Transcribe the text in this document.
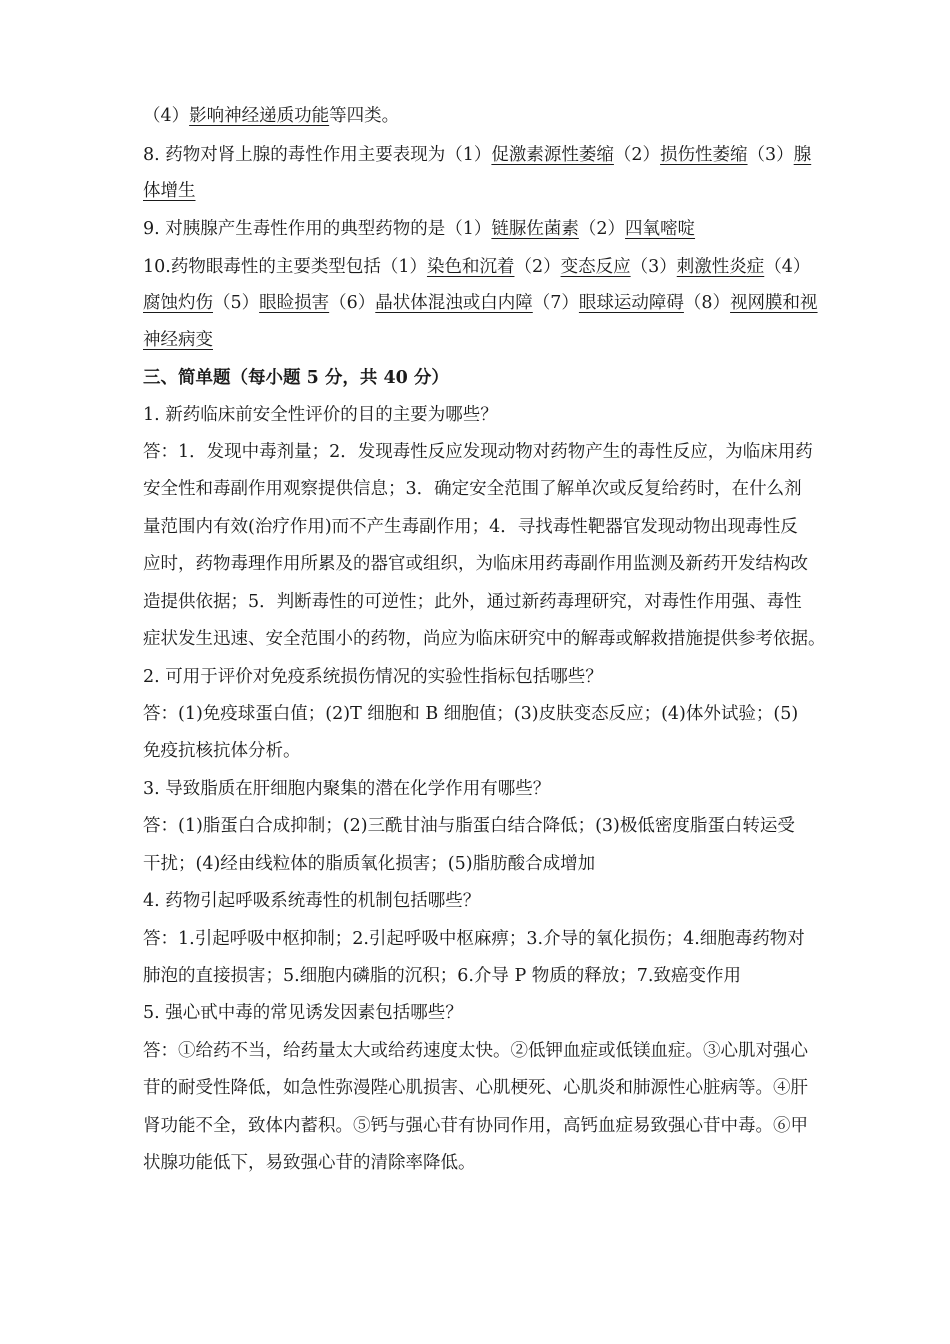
（4）影响神经递质功能等四类。
8. 药物对肾上腺的毒性作用主要表现为（1）促激素源性萎缩（2）损伤性萎缩（3）腺
体增生
9. 对胰腺产生毒性作用的典型药物的是（1）链脲佐菌素（2）四氧嘧啶
10.药物眼毒性的主要类型包括（1）染色和沉着（2）变态反应（3）刺激性炎症（4）
腐蚀灼伤（5）眼睑损害（6）晶状体混浊或白内障（7）眼球运动障碍（8）视网膜和视
神经病变
三、简单题（每小题 5 分，共 40 分）
1. 新药临床前安全性评价的目的主要为哪些？
答：1．发现中毒剂量；2．发现毒性反应发现动物对药物产生的毒性反应，为临床用药
安全性和毒副作用观察提供信息；3．确定安全范围了解单次或反复给药时，在什么剂
量范围内有效(治疗作用)而不产生毒副作用；4．寻找毒性靶器官发现动物出现毒性反
应时，药物毒理作用所累及的器官或组织，为临床用药毒副作用监测及新药开发结构改
造提供依据；5．判断毒性的可逆性；此外，通过新药毒理研究，对毒性作用强、毒性
症状发生迅速、安全范围小的药物，尚应为临床研究中的解毒或解救措施提供参考依据。
2. 可用于评价对免疫系统损伤情况的实验性指标包括哪些？
答：(1)免疫球蛋白值；(2)T 细胞和 B 细胞值；(3)皮肤变态反应；(4)体外试验；(5)
免疫抗核抗体分析。
3. 导致脂质在肝细胞内聚集的潜在化学作用有哪些？
答：(1)脂蛋白合成抑制；(2)三酰甘油与脂蛋白结合降低；(3)极低密度脂蛋白转运受
干扰；(4)经由线粒体的脂质氧化损害；(5)脂肪酸合成增加
4. 药物引起呼吸系统毒性的机制包括哪些？
答：1.引起呼吸中枢抑制；2.引起呼吸中枢麻痹；3.介导的氧化损伤；4.细胞毒药物对
肺泡的直接损害；5.细胞内磷脂的沉积；6.介导 P 物质的释放；7.致癌变作用
5. 强心甙中毒的常见诱发因素包括哪些？
答：①给药不当，给药量太大或给药速度太快。②低钾血症或低镁血症。③心肌对强心
苷的耐受性降低，如急性弥漫陛心肌损害、心肌梗死、心肌炎和肺源性心脏病等。④肝
肾功能不全，致体内蓄积。⑤钙与强心苷有协同作用，高钙血症易致强心苷中毒。⑥甲
状腺功能低下，易致强心苷的清除率降低。
